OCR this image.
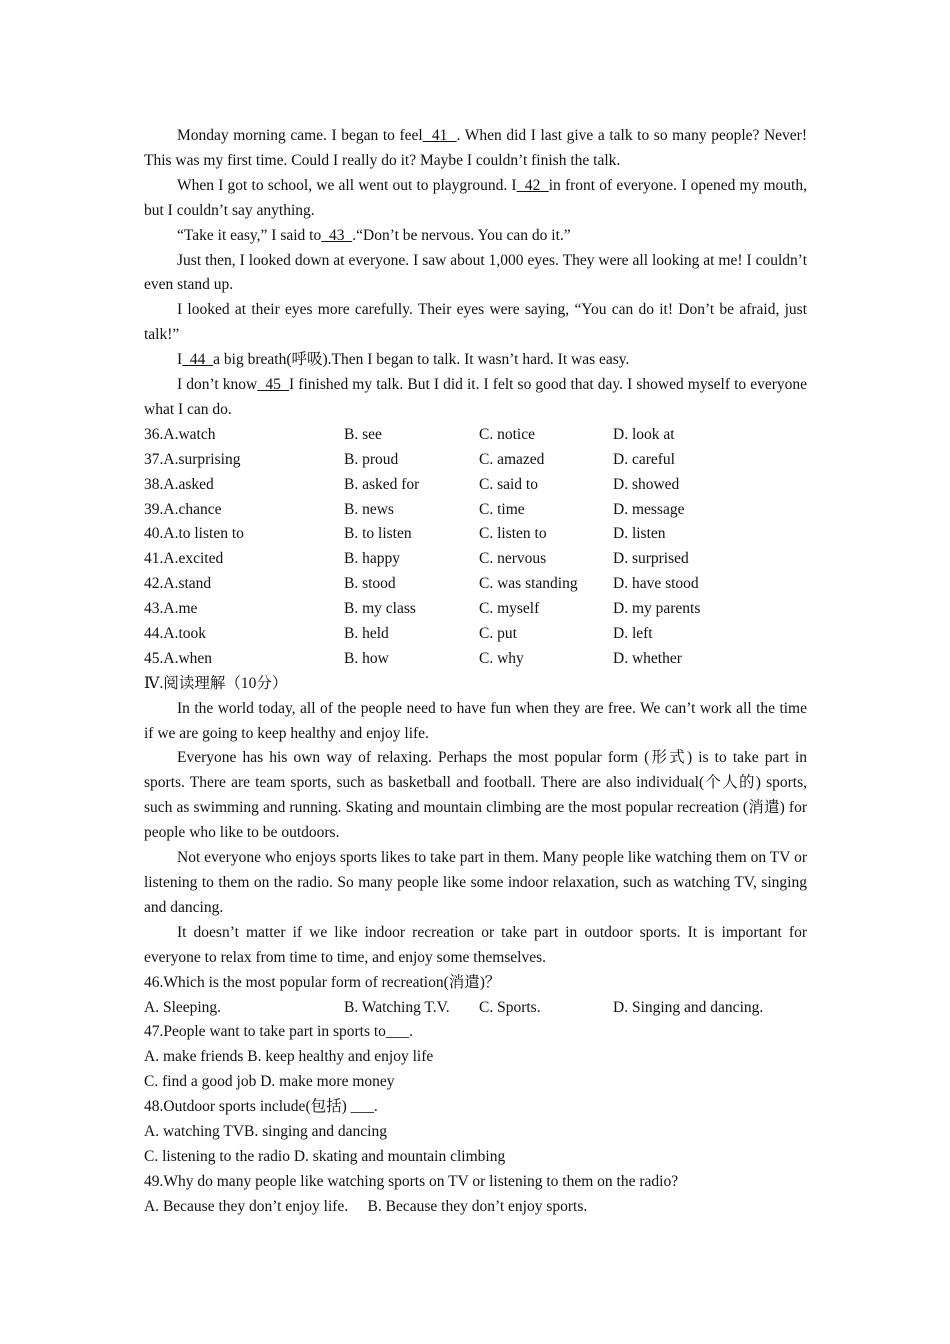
Monday morning came. I began to feel  41  . When did I last give a talk to so many people? Never! This was my first time. Could I really do it? Maybe I couldn’t finish the talk.

When I got to school, we all went out to playground. I  42  in front of everyone. I opened my mouth, but I couldn’t say anything.

“Take it easy,” I said to  43  .“Don’t be nervous. You can do it.”

Just then, I looked down at everyone. I saw about 1,000 eyes. They were all looking at me! I couldn’t even stand up.

I looked at their eyes more carefully. Their eyes were saying, “You can do it! Don’t be afraid, just talk!”

I  44  a big breath(呼吸).Then I began to talk. It wasn’t hard. It was easy.

I don’t know  45  I finished my talk. But I did it. I felt so good that day. I showed myself to everyone what I can do.

36.A.watch	B. see	C. notice	D. look at
37.A.surprising	B. proud	C. amazed	D. careful
38.A.asked	B. asked for	C. said to	D. showed
39.A.chance	B. news	C. time	D. message
40.A.to listen to	B. to listen	C. listen to	D. listen
41.A.excited	B. happy	C. nervous	D. surprised
42.A.stand	B. stood	C. was standing	D. have stood
43.A.me	B. my class	C. myself	D. my parents
44.A.took	B. held	C. put	D. left
45.A.when	B. how	C. why	D. whether
Ⅳ.阅读理解（10分）

In the world today, all of the people need to have fun when they are free. We can’t work all the time if we are going to keep healthy and enjoy life.

Everyone has his own way of relaxing. Perhaps the most popular form (形式) is to take part in sports. There are team sports, such as basketball and football. There are also individual(个人的) sports, such as swimming and running. Skating and mountain climbing are the most popular recreation (消遣) for people who like to be outdoors.

Not everyone who enjoys sports likes to take part in them. Many people like watching them on TV or listening to them on the radio. So many people like some indoor relaxation, such as watching TV, singing and dancing.

It doesn’t matter if we like indoor recreation or take part in outdoor sports. It is important for everyone to relax from time to time, and enjoy some themselves.

46.Which is the most popular form of recreation(消遣)？
A. Sleeping.	B. Watching T.V.	C. Sports.	D. Singing and dancing.
47.People want to take part in sports to___.
A. make friends B. keep healthy and enjoy life
C. find a good job D. make more money
48.Outdoor sports include(包括) ___.
A. watching TVB. singing and dancing
C. listening to the radio D. skating and mountain climbing
49.Why do many people like watching sports on TV or listening to them on the radio?
A. Because they don’t enjoy life.     B. Because they don’t enjoy sports.
